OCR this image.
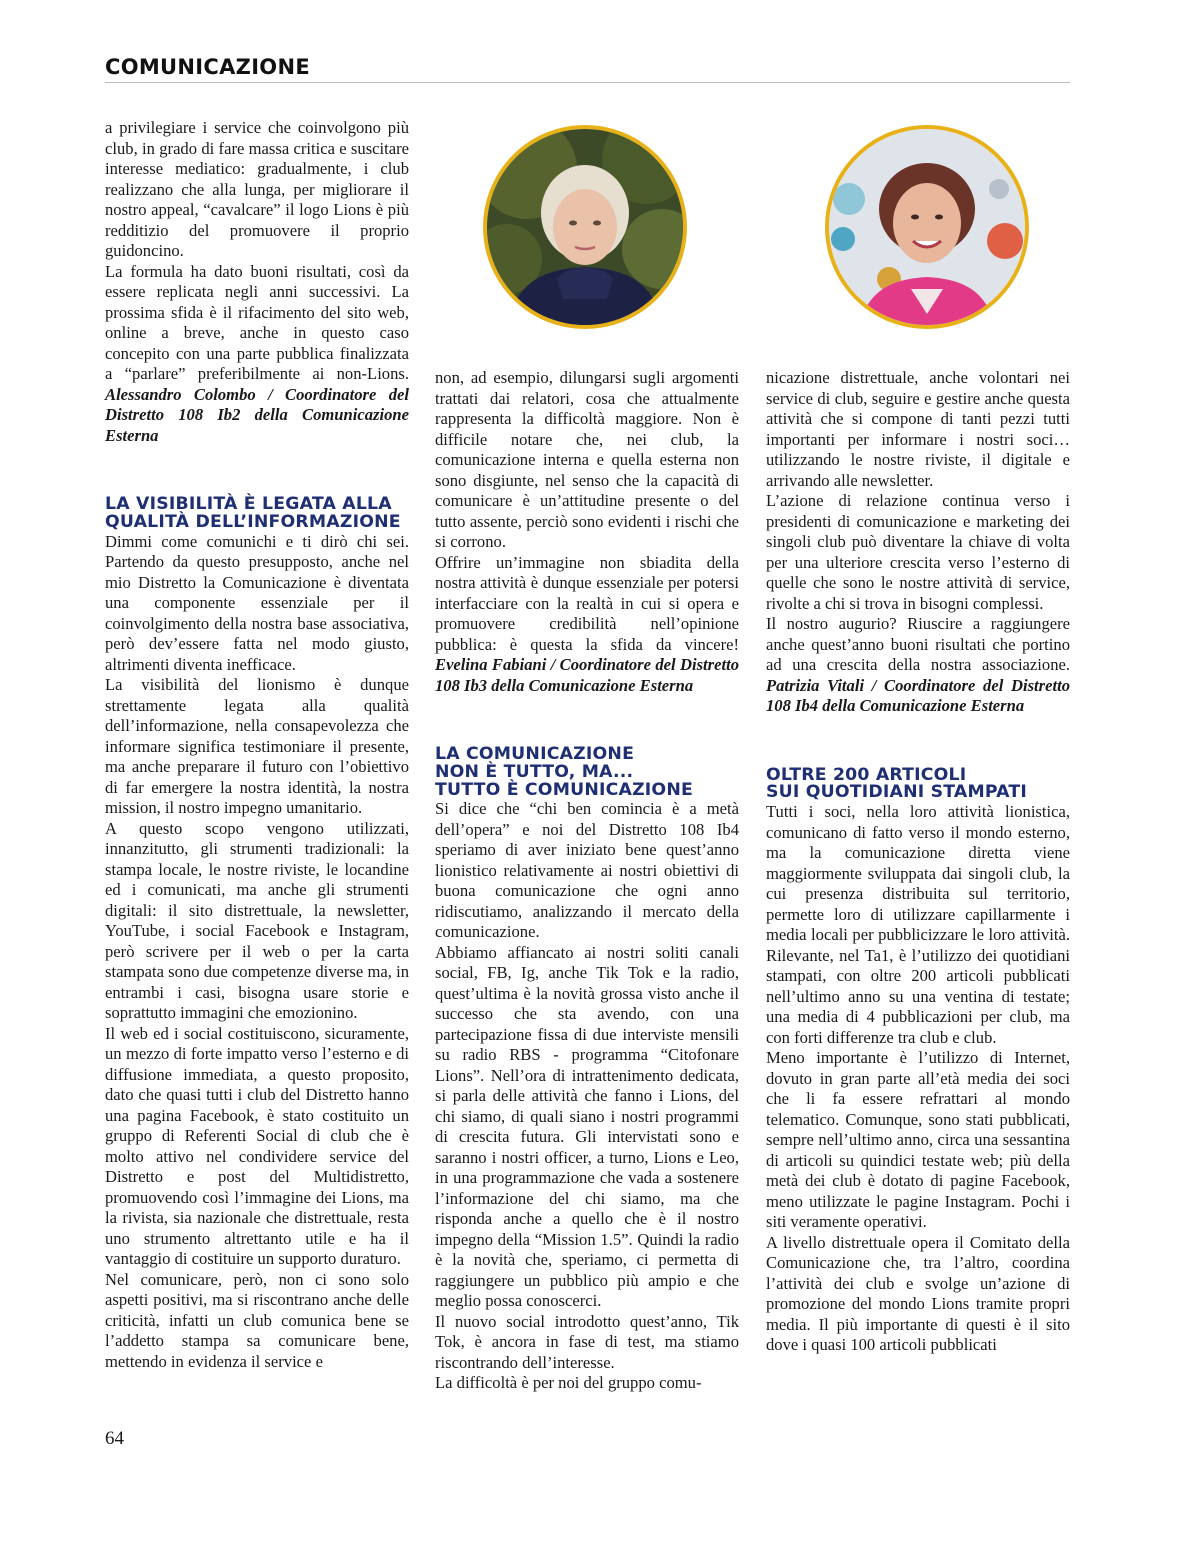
COMUNICAZIONE

a privilegiare i service che coinvolgono più club, in grado di fare massa critica e suscitare interesse mediatico: gradualmente, i club realizzano che alla lunga, per migliorare il nostro appeal, “cavalcare” il logo Lions è più redditizio del promuovere il proprio guidoncino.

La formula ha dato buoni risultati, così da essere replicata negli anni successivi. La prossima sfida è il rifacimento del sito web, online a breve, anche in questo caso concepito con una parte pubblica finalizzata a “parlare” preferibilmente ai non-Lions. Alessandro Colombo / Coordinatore del Distretto 108 Ib2 della Comunicazione Esterna

LA VISIBILITÀ È LEGATA ALLA
QUALITÀ DELL’INFORMAZIONE

Dimmi come comunichi e ti dirò chi sei. Partendo da questo presupposto, anche nel mio Distretto la Comunicazione è diventata una componente essenziale per il coinvolgimento della nostra base associativa, però dev’essere fatta nel modo giusto, altrimenti diventa inefficace.

La visibilità del lionismo è dunque strettamente legata alla qualità dell’informazione, nella consapevolezza che informare significa testimoniare il presente, ma anche preparare il futuro con l’obiettivo di far emergere la nostra identità, la nostra mission, il nostro impegno umanitario.

A questo scopo vengono utilizzati, innanzitutto, gli strumenti tradizionali: la stampa locale, le nostre riviste, le locandine ed i comunicati, ma anche gli strumenti digitali: il sito distrettuale, la newsletter, YouTube, i social Facebook e Instagram, però scrivere per il web o per la carta stampata sono due competenze diverse ma, in entrambi i casi, bisogna usare storie e soprattutto immagini che emozionino.

Il web ed i social costituiscono, sicuramente, un mezzo di forte impatto verso l’esterno e di diffusione immediata, a questo proposito, dato che quasi tutti i club del Distretto hanno una pagina Facebook, è stato costituito un gruppo di Referenti Social di club che è molto attivo nel condividere service del Distretto e post del Multidistretto, promuovendo così l’immagine dei Lions, ma la rivista, sia nazionale che distrettuale, resta uno strumento altrettanto utile e ha il vantaggio di costituire un supporto duraturo.

Nel comunicare, però, non ci sono solo aspetti positivi, ma si riscontrano anche delle criticità, infatti un club comunica bene se l’addetto stampa sa comunicare bene, mettendo in evidenza il service e

non, ad esempio, dilungarsi sugli argomenti trattati dai relatori, cosa che attualmente rappresenta la difficoltà maggiore. Non è difficile notare che, nei club, la comunicazione interna e quella esterna non sono disgiunte, nel senso che la capacità di comunicare è un’attitudine presente o del tutto assente, perciò sono evidenti i rischi che si corrono.

Offrire un’immagine non sbiadita della nostra attività è dunque essenziale per potersi interfacciare con la realtà in cui si opera e promuovere credibilità nell’opinione pubblica: è questa la sfida da vincere! Evelina Fabiani / Coordinatore del Distretto 108 Ib3 della Comunicazione Esterna

LA COMUNICAZIONE
NON È TUTTO, MA...
TUTTO È COMUNICAZIONE

Si dice che “chi ben comincia è a metà dell’opera” e noi del Distretto 108 Ib4 speriamo di aver iniziato bene quest’anno lionistico relativamente ai nostri obiettivi di buona comunicazione che ogni anno ridiscutiamo, analizzando il mercato della comunicazione.

Abbiamo affiancato ai nostri soliti canali social, FB, Ig, anche Tik Tok e la radio, quest’ultima è la novità grossa visto anche il successo che sta avendo, con una partecipazione fissa di due interviste mensili su radio RBS - programma “Citofonare Lions”. Nell’ora di intrattenimento dedicata, si parla delle attività che fanno i Lions, del chi siamo, di quali siano i nostri programmi di crescita futura. Gli intervistati sono e saranno i nostri officer, a turno, Lions e Leo, in una programmazione che vada a sostenere l’informazione del chi siamo, ma che risponda anche a quello che è il nostro impegno della “Mission 1.5”. Quindi la radio è la novità che, speriamo, ci permetta di raggiungere un pubblico più ampio e che meglio possa conoscerci.

Il nuovo social introdotto quest’anno, Tik Tok, è ancora in fase di test, ma stiamo riscontrando dell’interesse.

La difficoltà è per noi del gruppo comu-

nicazione distrettuale, anche volontari nei service di club, seguire e gestire anche questa attività che si compone di tanti pezzi tutti importanti per informare i nostri soci… utilizzando le nostre riviste, il digitale e arrivando alle newsletter.

L’azione di relazione continua verso i presidenti di comunicazione e marketing dei singoli club può diventare la chiave di volta per una ulteriore crescita verso l’esterno di quelle che sono le nostre attività di service, rivolte a chi si trova in bisogni complessi.

Il nostro augurio? Riuscire a raggiungere anche quest’anno buoni risultati che portino ad una crescita della nostra associazione. Patrizia Vitali / Coordinatore del Distretto 108 Ib4 della Comunicazione Esterna

OLTRE 200 ARTICOLI
SUI QUOTIDIANI STAMPATI

Tutti i soci, nella loro attività lionistica, comunicano di fatto verso il mondo esterno, ma la comunicazione diretta viene maggiormente sviluppata dai singoli club, la cui presenza distribuita sul territorio, permette loro di utilizzare capillarmente i media locali per pubblicizzare le loro attività. Rilevante, nel Ta1, è l’utilizzo dei quotidiani stampati, con oltre 200 articoli pubblicati nell’ultimo anno su una ventina di testate; una media di 4 pubblicazioni per club, ma con forti differenze tra club e club.

Meno importante è l’utilizzo di Internet, dovuto in gran parte all’età media dei soci che li fa essere refrattari al mondo telematico. Comunque, sono stati pubblicati, sempre nell’ultimo anno, circa una sessantina di articoli su quindici testate web; più della metà dei club è dotato di pagine Facebook, meno utilizzate le pagine Instagram. Pochi i siti veramente operativi.

A livello distrettuale opera il Comitato della Comunicazione che, tra l’altro, coordina l’attività dei club e svolge un’azione di promozione del mondo Lions tramite propri media. Il più importante di questi è il sito dove i quasi 100 articoli pubblicati

64
